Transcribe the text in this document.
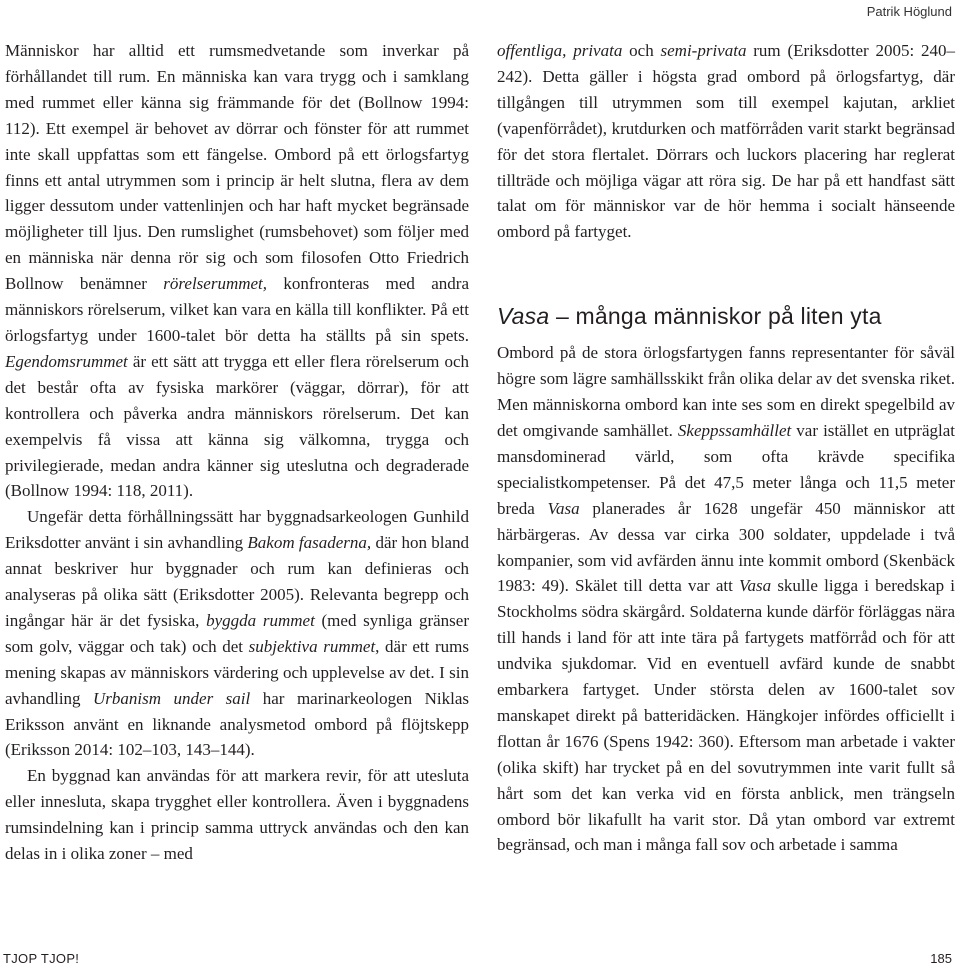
Patrik Höglund

Människor har alltid ett rumsmedvetande som inverkar på förhållandet till rum. En människa kan vara trygg och i samklang med rummet eller känna sig främmande för det (Bollnow 1994: 112). Ett exempel är behovet av dörrar och fönster för att rummet inte skall uppfattas som ett fängelse. Ombord på ett örlogsfartyg finns ett antal utrymmen som i princip är helt slutna, flera av dem ligger dessutom under vattenlinjen och har haft mycket begränsade möjligheter till ljus. Den rumslighet (rumsbehovet) som följer med en människa när denna rör sig och som filosofen Otto Friedrich Bollnow benämner rörelserummet, konfronteras med andra människors rörelserum, vilket kan vara en källa till konflikter. På ett örlogsfartyg under 1600-talet bör detta ha ställts på sin spets. Egendomsrummet är ett sätt att trygga ett eller flera rörelserum och det består ofta av fysiska markörer (väggar, dörrar), för att kontrollera och påverka andra människors rörelserum. Det kan exempelvis få vissa att känna sig välkomna, trygga och privilegierade, medan andra känner sig uteslutna och degraderade (Bollnow 1994: 118, 2011).

Ungefär detta förhållningssätt har byggnadsarkeologen Gunhild Eriksdotter använt i sin avhandling Bakom fasaderna, där hon bland annat beskriver hur byggnader och rum kan definieras och analyseras på olika sätt (Eriksdotter 2005). Relevanta begrepp och ingångar här är det fysiska, byggda rummet (med synliga gränser som golv, väggar och tak) och det subjektiva rummet, där ett rums mening skapas av människors värdering och upplevelse av det. I sin avhandling Urbanism under sail har marinarkeologen Niklas Eriksson använt en liknande analysmetod ombord på flöjtskepp (Eriksson 2014: 102–103, 143–144).

En byggnad kan användas för att markera revir, för att utesluta eller innesluta, skapa trygghet eller kontrollera. Även i byggnadens rumsindelning kan i princip samma uttryck användas och den kan delas in i olika zoner – med

offentliga, privata och semi-privata rum (Eriksdotter 2005: 240–242). Detta gäller i högsta grad ombord på örlogsfartyg, där tillgången till utrymmen som till exempel kajutan, arkliet (vapenförrådet), krutdurken och matförråden varit starkt begränsad för det stora flertalet. Dörrars och luckors placering har reglerat tillträde och möjliga vägar att röra sig. De har på ett handfast sätt talat om för människor var de hör hemma i socialt hänseende ombord på fartyget.

Vasa – många människor på liten yta

Ombord på de stora örlogsfartygen fanns representanter för såväl högre som lägre samhällsskikt från olika delar av det svenska riket. Men människorna ombord kan inte ses som en direkt spegelbild av det omgivande samhället. Skeppssamhället var istället en utpräglat mansdominerad värld, som ofta krävde specifika specialistkompetenser. På det 47,5 meter långa och 11,5 meter breda Vasa planerades år 1628 ungefär 450 människor att härbärgeras. Av dessa var cirka 300 soldater, uppdelade i två kompanier, som vid avfärden ännu inte kommit ombord (Skenbäck 1983: 49). Skälet till detta var att Vasa skulle ligga i beredskap i Stockholms södra skärgård. Soldaterna kunde därför förläggas nära till hands i land för att inte tära på fartygets matförråd och för att undvika sjukdomar. Vid en eventuell avfärd kunde de snabbt embarkera fartyget. Under största delen av 1600-talet sov manskapet direkt på batteridäcken. Hängkojer infördes officiellt i flottan år 1676 (Spens 1942: 360). Eftersom man arbetade i vakter (olika skift) har trycket på en del sovutrymmen inte varit fullt så hårt som det kan verka vid en första anblick, men trängseln ombord bör likafullt ha varit stor. Då ytan ombord var extremt begränsad, och man i många fall sov och arbetade i samma

TJOP TJOP!	185
